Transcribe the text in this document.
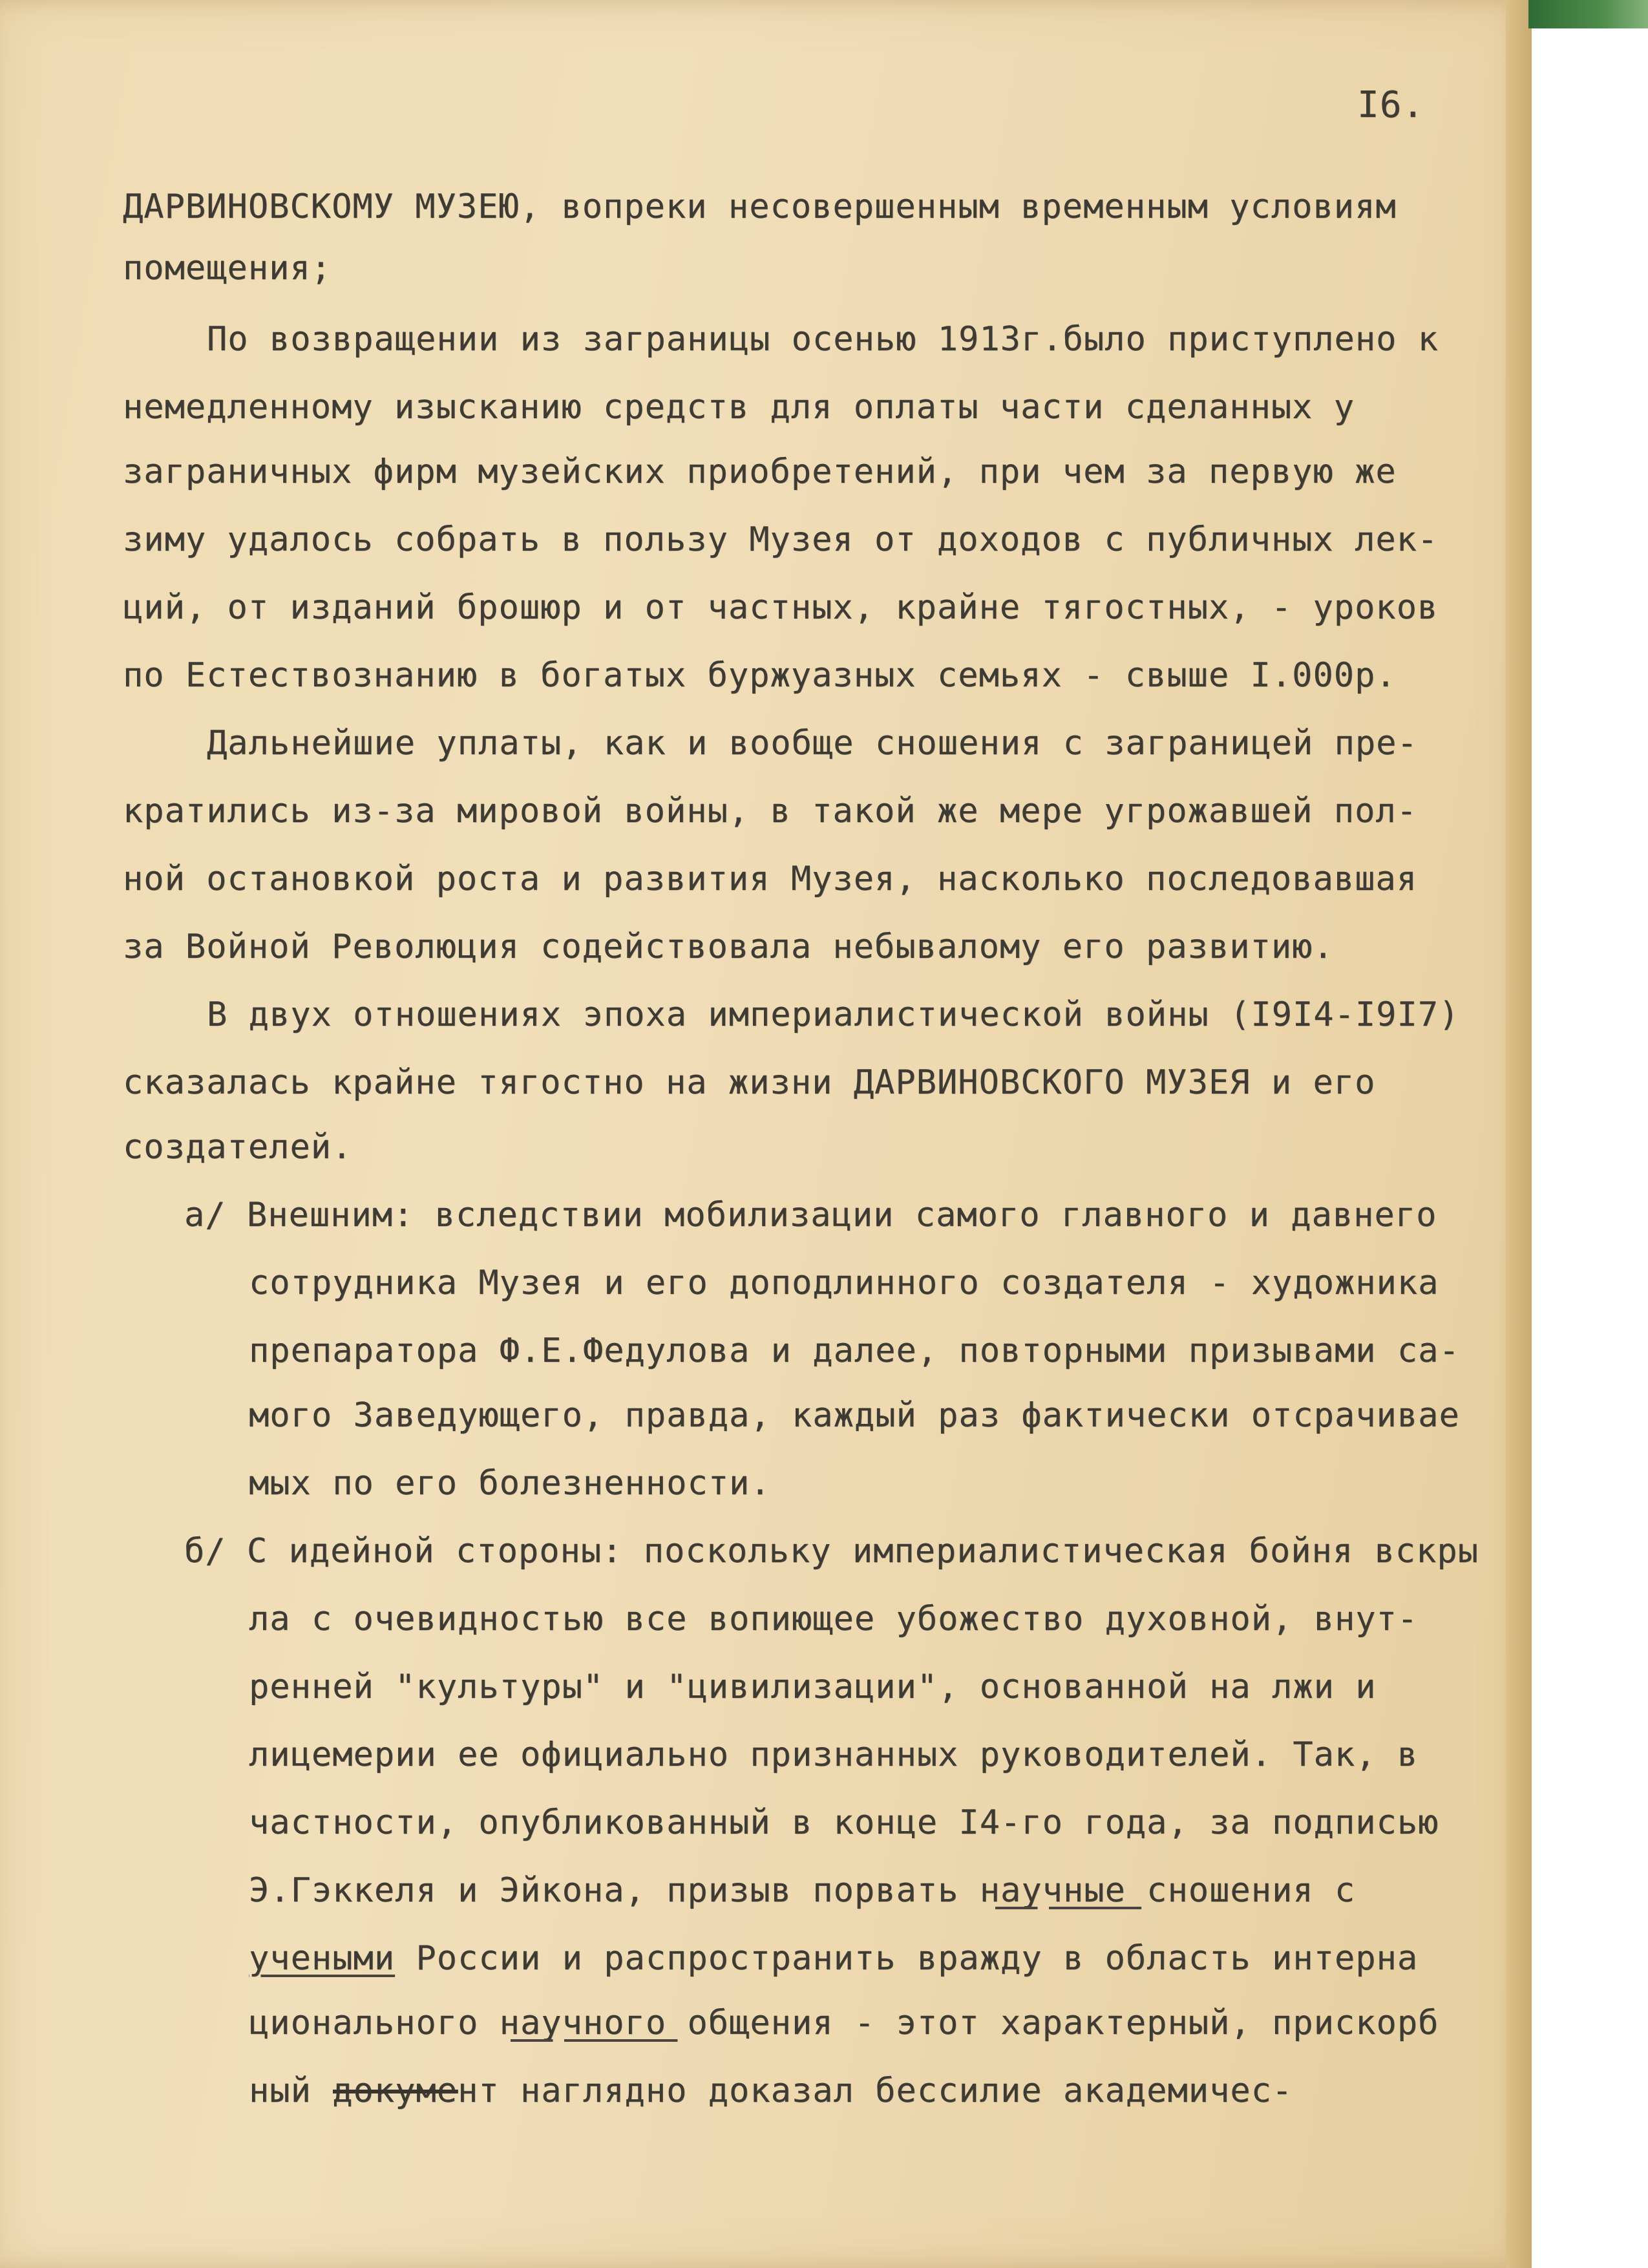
I6.
ДАРВИНОВСКОМУ МУЗЕЮ, вопреки несовершенным временным условиям
помещения;
По возвращении из заграницы осенью 1913г.было приступлено к
немедленному изысканию средств для оплаты части сделанных у
заграничных фирм музейских приобретений, при чем за первую же
зиму удалось собрать в пользу Музея от доходов с публичных лек-
ций, от изданий брошюр и от частных, крайне тягостных, - уроков
по Естествознанию в богатых буржуазных семьях - свыше I.000р.
Дальнейшие уплаты, как и вообще сношения с заграницей пре-
кратились из-за мировой войны, в такой же мере угрожавшей пол-
ной остановкой роста и развития Музея, насколько последовавшая
за Войной Революция содействовала небывалому его развитию.
В двух отношениях эпоха империалистической войны (I9I4-I9I7)
сказалась крайне тягостно на жизни ДАРВИНОВСКОГО МУЗЕЯ и его
создателей.
а/ Внешним: вследствии мобилизации самого главного и давнего
сотрудника Музея и его доподлинного создателя - художника
препаратора Ф.Е.Федулова и далее, повторными призывами са-
мого Заведующего, правда, каждый раз фактически отсрачивае
мых по его болезненности.
б/ С идейной стороны: поскольку империалистическая бойня вскры
ла с очевидностью все вопиющее убожество духовной, внут-
ренней "культуры" и "цивилизации", основанной на лжи и
лицемерии ее официально признанных руководителей. Так, в
частности, опубликованный в конце I4-го года, за подписью
Э.Гэккеля и Эйкона, призыв порвать научные сношения с
учеными России и распространить вражду в область интерна
ционального научного общения - этот характерный, прискорб
ный документ наглядно доказал бессилие академичес-
